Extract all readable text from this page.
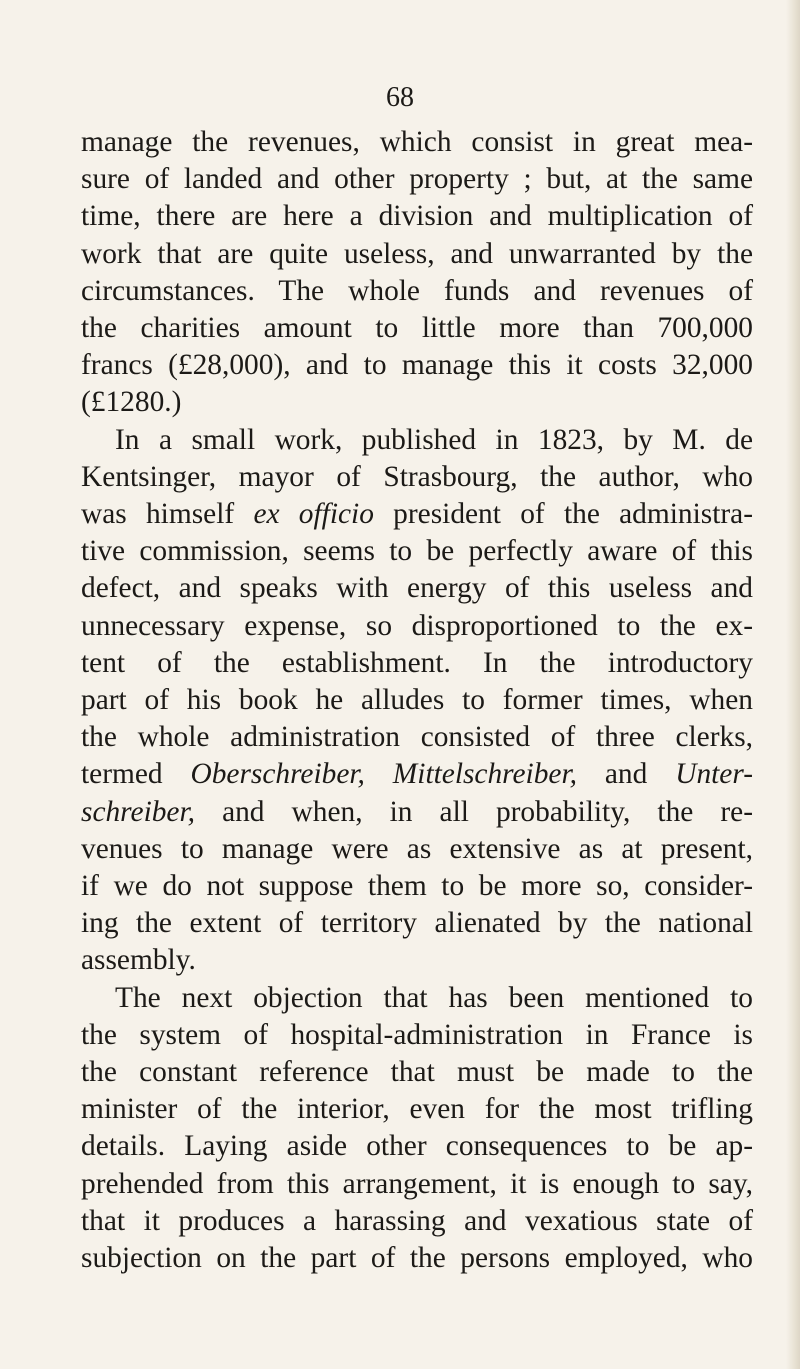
68
manage the revenues, which consist in great mea-
sure of landed and other property ; but, at the same
time, there are here a division and multiplication of
work that are quite useless, and unwarranted by the
circumstances. The whole funds and revenues of
the charities amount to little more than 700,000
francs (£28,000), and to manage this it costs 32,000
(£1280.)
In a small work, published in 1823, by M. de
Kentsinger, mayor of Strasbourg, the author, who
was himself ex officio president of the administra-
tive commission, seems to be perfectly aware of this
defect, and speaks with energy of this useless and
unnecessary expense, so disproportioned to the ex-
tent of the establishment. In the introductory
part of his book he alludes to former times, when
the whole administration consisted of three clerks,
termed Oberschreiber, Mittelschreiber, and Unter-
schreiber, and when, in all probability, the re-
venues to manage were as extensive as at present,
if we do not suppose them to be more so, consider-
ing the extent of territory alienated by the national
assembly.
The next objection that has been mentioned to
the system of hospital-administration in France is
the constant reference that must be made to the
minister of the interior, even for the most trifling
details. Laying aside other consequences to be ap-
prehended from this arrangement, it is enough to say,
that it produces a harassing and vexatious state of
subjection on the part of the persons employed, who
